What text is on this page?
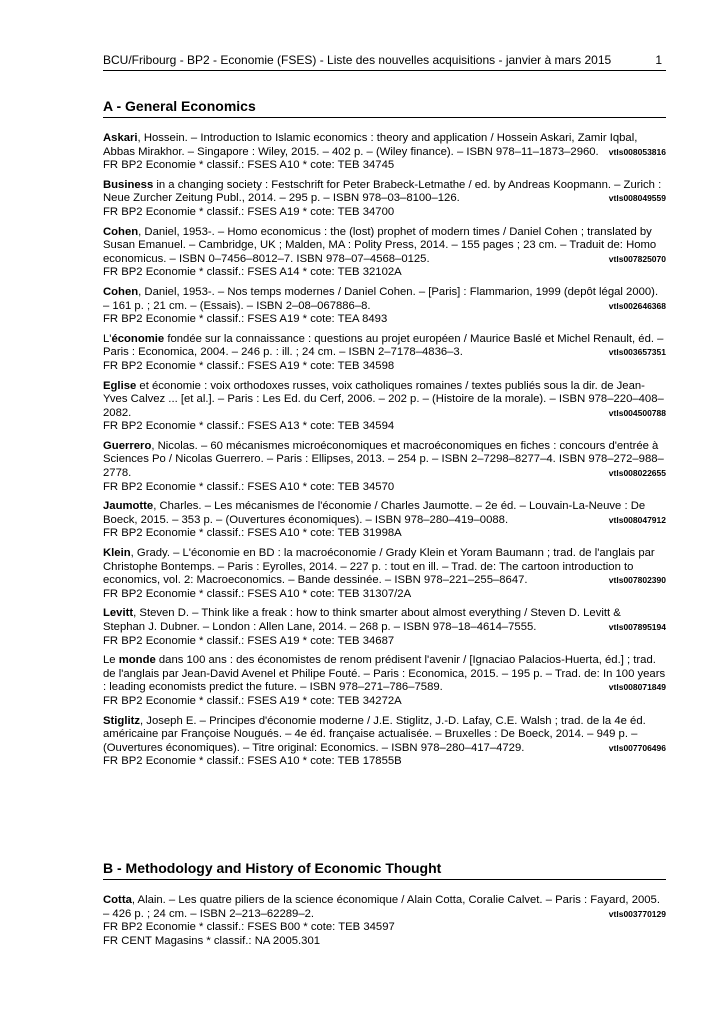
BCU/Fribourg - BP2 - Economie (FSES) - Liste des nouvelles acquisitions - janvier à mars 2015	1
A - General Economics

Askari, Hossein. – Introduction to Islamic economics : theory and application / Hossein Askari, Zamir Iqbal, Abbas Mirakhor. – Singapore : Wiley, 2015. – 402 p. – (Wiley finance). – ISBN 978–11–1873–2960. vtls008053816

FR BP2 Economie * classif.: FSES A10 * cote: TEB 34745

Business in a changing society : Festschrift for Peter Brabeck-Letmathe / ed. by Andreas Koopmann. – Zurich : Neue Zurcher Zeitung Publ., 2014. – 295 p. – ISBN 978–03–8100–126.	vtls008049559

FR BP2 Economie * classif.: FSES A19 * cote: TEB 34700

Cohen, Daniel, 1953-. – Homo economicus : the (lost) prophet of modern times / Daniel Cohen ; translated by Susan Emanuel. – Cambridge, UK ; Malden, MA : Polity Press, 2014. – 155 pages ; 23 cm. – Traduit de: Homo economicus. – ISBN 0–7456–8012–7. ISBN 978–07–4568–0125.	vtls007825070

FR BP2 Economie * classif.: FSES A14 * cote: TEB 32102A

Cohen, Daniel, 1953-. – Nos temps modernes / Daniel Cohen. – [Paris] : Flammarion, 1999 (depôt légal 2000). – 161 p. ; 21 cm. – (Essais). – ISBN 2–08–067886–8.	vtls002646368

FR BP2 Economie * classif.: FSES A19 * cote: TEA 8493

L'économie fondée sur la connaissance : questions au projet européen / Maurice Baslé et Michel Renault, éd. – Paris : Economica, 2004. – 246 p. : ill. ; 24 cm. – ISBN 2–7178–4836–3.	vtls003657351

FR BP2 Economie * classif.: FSES A19 * cote: TEB 34598

Eglise et économie : voix orthodoxes russes, voix catholiques romaines / textes publiés sous la dir. de Jean-Yves Calvez ... [et al.]. – Paris : Les Ed. du Cerf, 2006. – 202 p. – (Histoire de la morale). – ISBN 978–220–408–2082.	vtls004500788

FR BP2 Economie * classif.: FSES A13 * cote: TEB 34594

Guerrero, Nicolas. – 60 mécanismes microéconomiques et macroéconomiques en fiches : concours d'entrée à Sciences Po / Nicolas Guerrero. – Paris : Ellipses, 2013. – 254 p. – ISBN 2–7298–8277–4. ISBN 978–272–988–2778.	vtls008022655

FR BP2 Economie * classif.: FSES A10 * cote: TEB 34570

Jaumotte, Charles. – Les mécanismes de l'économie / Charles Jaumotte. – 2e éd. – Louvain-La-Neuve : De Boeck, 2015. – 353 p. – (Ouvertures économiques). – ISBN 978–280–419–0088.	vtls008047912

FR BP2 Economie * classif.: FSES A10 * cote: TEB 31998A

Klein, Grady. – L'économie en BD : la macroéconomie / Grady Klein et Yoram Baumann ; trad. de l'anglais par Christophe Bontemps. – Paris : Eyrolles, 2014. – 227 p. : tout en ill. – Trad. de: The cartoon introduction to economics, vol. 2: Macroeconomics. – Bande dessinée. – ISBN 978–221–255–8647.	vtls007802390

FR BP2 Economie * classif.: FSES A10 * cote: TEB 31307/2A

Levitt, Steven D. – Think like a freak : how to think smarter about almost everything / Steven D. Levitt & Stephan J. Dubner. – London : Allen Lane, 2014. – 268 p. – ISBN 978–18–4614–7555.	vtls007895194

FR BP2 Economie * classif.: FSES A19 * cote: TEB 34687

Le monde dans 100 ans : des économistes de renom prédisent l'avenir / [Ignaciao Palacios-Huerta, éd.] ; trad. de l'anglais par Jean-David Avenel et Philipe Fouté. – Paris : Economica, 2015. – 195 p. – Trad. de: In 100 years : leading economists predict the future. – ISBN 978–271–786–7589.	vtls008071849

FR BP2 Economie * classif.: FSES A19 * cote: TEB 34272A

Stiglitz, Joseph E. – Principes d'économie moderne / J.E. Stiglitz, J.-D. Lafay, C.E. Walsh ; trad. de la 4e éd. américaine par Françoise Nougués. – 4e éd. française actualisée. – Bruxelles : De Boeck, 2014. – 949 p. – (Ouvertures économiques). – Titre original: Economics. – ISBN 978–280–417–4729.	vtls007706496

FR BP2 Economie * classif.: FSES A10 * cote: TEB 17855B

B - Methodology and History of Economic Thought

Cotta, Alain. – Les quatre piliers de la science économique / Alain Cotta, Coralie Calvet. – Paris : Fayard, 2005. – 426 p. ; 24 cm. – ISBN 2–213–62289–2.	vtls003770129

FR BP2 Economie * classif.: FSES B00 * cote: TEB 34597

FR CENT Magasins * classif.: NA 2005.301
